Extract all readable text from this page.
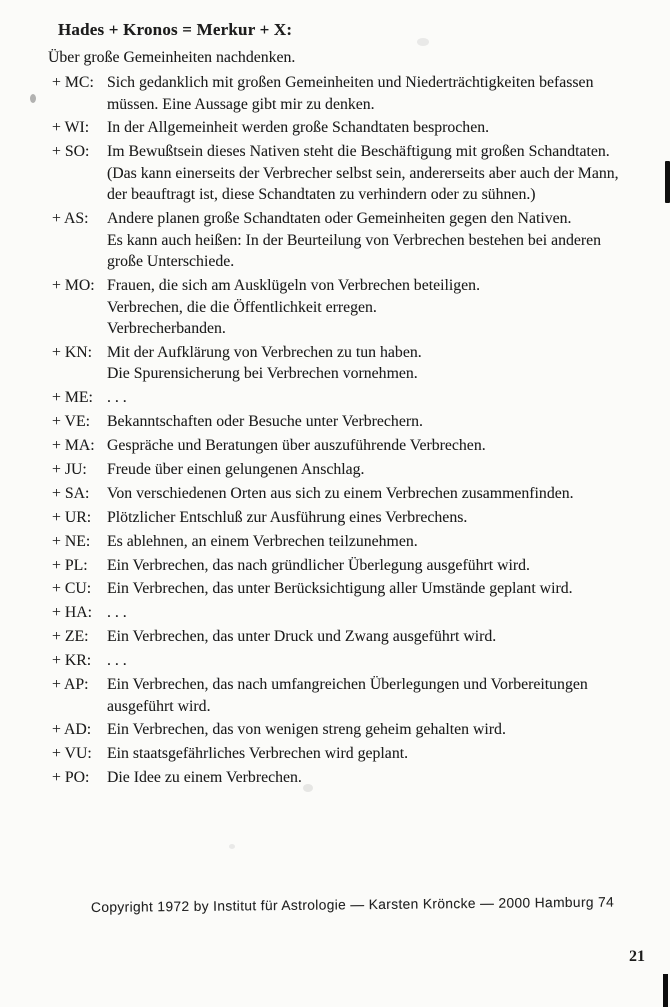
Hades + Kronos = Merkur + X:
Über große Gemeinheiten nachdenken.
+ MC: Sich gedanklich mit großen Gemeinheiten und Niederträchtigkeiten befassen
müssen. Eine Aussage gibt mir zu denken.
+ WI:	In der Allgemeinheit werden große Schandtaten besprochen.
+ SO:	Im Bewußtsein dieses Nativen steht die Beschäftigung mit großen Schandtaten.
(Das kann einerseits der Verbrecher selbst sein, andererseits aber auch der Mann,
der beauftragt ist, diese Schandtaten zu verhindern oder zu sühnen.)
+ AS:	Andere planen große Schandtaten oder Gemeinheiten gegen den Nativen.
Es kann auch heißen: In der Beurteilung von Verbrechen bestehen bei anderen
große Unterschiede.
+ MO: Frauen, die sich am Ausklügeln von Verbrechen beteiligen.
Verbrechen, die die Öffentlichkeit erregen.
Verbrecherbanden.
+ KN: Mit der Aufklärung von Verbrechen zu tun haben.
Die Spurensicherung bei Verbrechen vornehmen.
+ ME: . . .
+ VE:	Bekanntschaften oder Besuche unter Verbrechern.
+ MA: Gespräche und Beratungen über auszuführende Verbrechen.
+ JU:	Freude über einen gelungenen Anschlag.
+ SA:	Von verschiedenen Orten aus sich zu einem Verbrechen zusammenfinden.
+ UR: Plötzlicher Entschluß zur Ausführung eines Verbrechens.
+ NE:	Es ablehnen, an einem Verbrechen teilzunehmen.
+ PL:	Ein Verbrechen, das nach gründlicher Überlegung ausgeführt wird.
+ CU: Ein Verbrechen, das unter Berücksichtigung aller Umstände geplant wird.
+ HA: . . .
+ ZE:	Ein Verbrechen, das unter Druck und Zwang ausgeführt wird.
+ KR: . . .
+ AP:	Ein Verbrechen, das nach umfangreichen Überlegungen und Vorbereitungen
ausgeführt wird.
+ AD: Ein Verbrechen, das von wenigen streng geheim gehalten wird.
+ VU: Ein staatsgefährliches Verbrechen wird geplant.
+ PO:	Die Idee zu einem Verbrechen.
Copyright 1972 by Institut für Astrologie — Karsten Kröncke — 2000 Hamburg 74
21
